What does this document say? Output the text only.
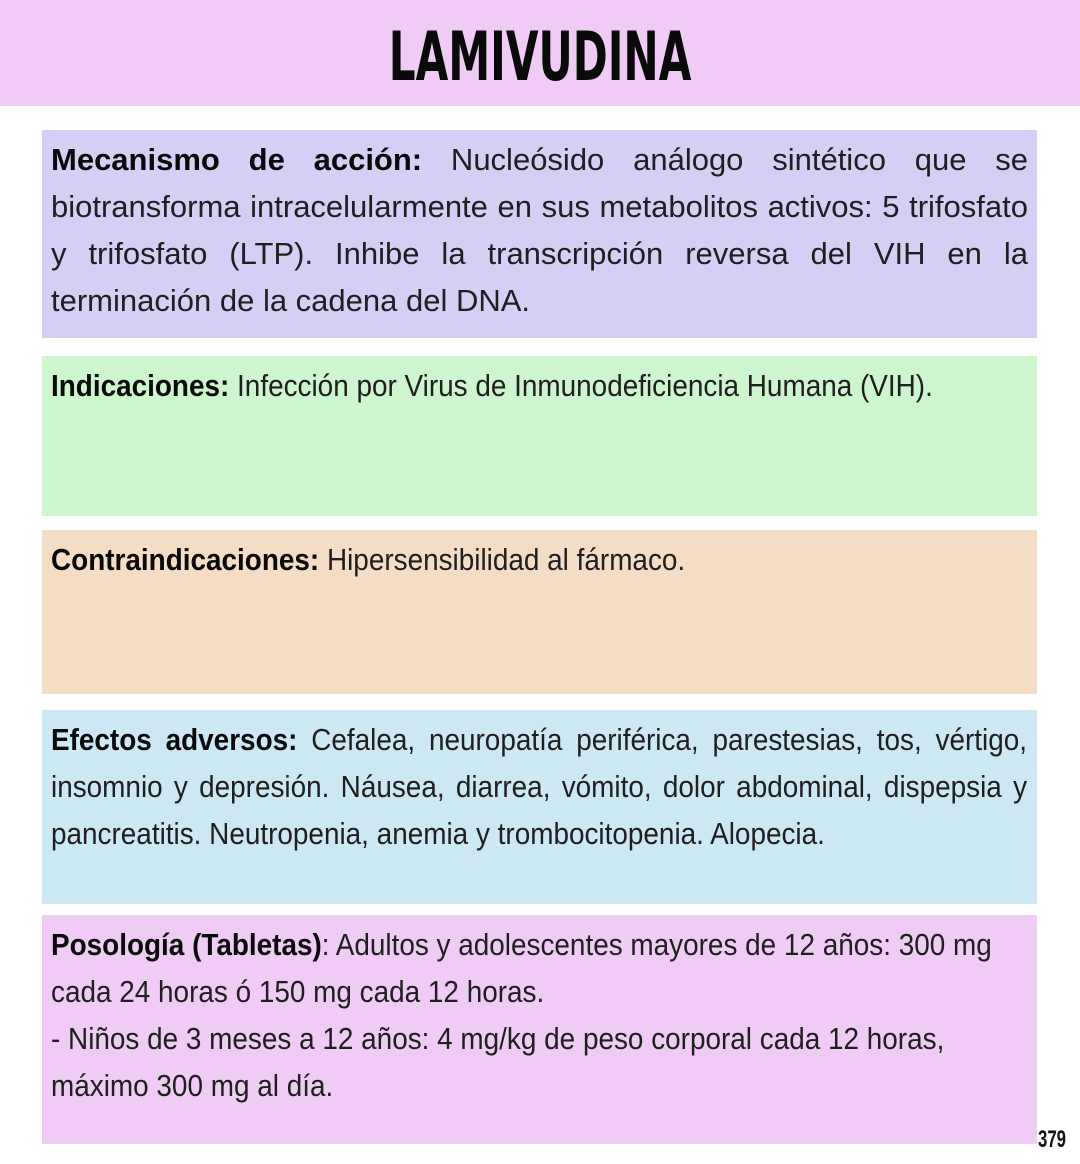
LAMIVUDINA

Mecanismo de acción: Nucleósido análogo sintético que se biotransforma intracelularmente en sus metabolitos activos: 5 trifosfato y trifosfato (LTP). Inhibe la transcripción reversa del VIH en la terminación de la cadena del DNA.

Indicaciones: Infección por Virus de Inmunodeficiencia Humana (VIH).

Contraindicaciones: Hipersensibilidad al fármaco.

Efectos adversos: Cefalea, neuropatía periférica, parestesias, tos, vértigo, insomnio y depresión. Náusea, diarrea, vómito, dolor abdominal, dispepsia y pancreatitis. Neutropenia, anemia y trombocitopenia. Alopecia.

Posología (Tabletas): Adultos y adolescentes mayores de 12 años: 300 mg cada 24 horas ó 150 mg cada 12 horas.

- Niños de 3 meses a 12 años: 4 mg/kg de peso corporal cada 12 horas, máximo 300 mg al día.

379
